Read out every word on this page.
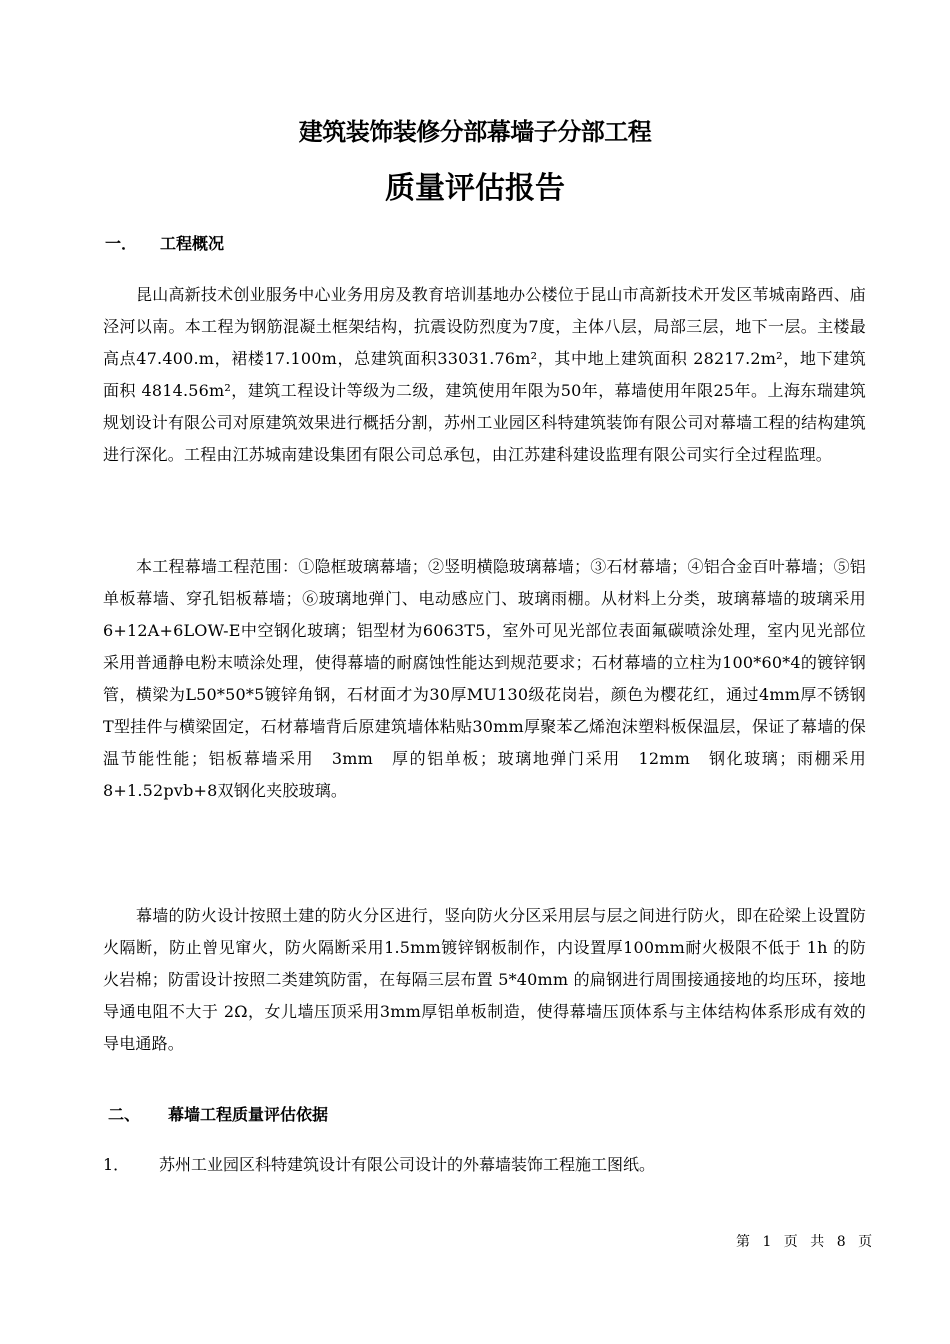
建筑装饰装修分部幕墙子分部工程
质量评估报告
一． 工程概况

昆山高新技术创业服务中心业务用房及教育培训基地办公楼位于昆山市高新技术开发区苇城南路西、庙泾河以南。本工程为钢筋混凝土框架结构，抗震设防烈度为7度，主体八层，局部三层，地下一层。主楼最高点47.400.m，裙楼17.100m，总建筑面积33031.76m²，其中地上建筑面积 28217.2m²，地下建筑面积 4814.56m²，建筑工程设计等级为二级，建筑使用年限为50年，幕墙使用年限25年。上海东瑞建筑规划设计有限公司对原建筑效果进行概括分割，苏州工业园区科特建筑装饰有限公司对幕墙工程的结构建筑进行深化。工程由江苏城南建设集团有限公司总承包，由江苏建科建设监理有限公司实行全过程监理。

本工程幕墙工程范围：①隐框玻璃幕墙；②竖明横隐玻璃幕墙；③石材幕墙；④铝合金百叶幕墙；⑤铝单板幕墙、穿孔铝板幕墙；⑥玻璃地弹门、电动感应门、玻璃雨棚。从材料上分类，玻璃幕墙的玻璃采用6+12A+6LOW-E中空钢化玻璃；铝型材为6063T5，室外可见光部位表面氟碳喷涂处理，室内见光部位采用普通静电粉末喷涂处理，使得幕墙的耐腐蚀性能达到规范要求；石材幕墙的立柱为100*60*4的镀锌钢管，横梁为L50*50*5镀锌角钢，石材面才为30厚MU130级花岗岩，颜色为樱花红，通过4mm厚不锈钢T型挂件与横梁固定，石材幕墙背后原建筑墙体粘贴30mm厚聚苯乙烯泡沫塑料板保温层，保证了幕墙的保温节能性能；铝板幕墙采用　3mm　厚的铝单板；玻璃地弹门采用　12mm　钢化玻璃；雨棚采用8+1.52pvb+8双钢化夹胶玻璃。

幕墙的防火设计按照土建的防火分区进行，竖向防火分区采用层与层之间进行防火，即在砼梁上设置防火隔断，防止曾见窜火，防火隔断采用1.5mm镀锌钢板制作，内设置厚100mm耐火极限不低于 1h 的防火岩棉；防雷设计按照二类建筑防雷，在每隔三层布置 5*40mm 的扁钢进行周围接通接地的均压环，接地导通电阻不大于 2Ω，女儿墙压顶采用3mm厚铝单板制造，使得幕墙压顶体系与主体结构体系形成有效的导电通路。

二、 幕墙工程质量评估依据
1． 苏州工业园区科特建筑设计有限公司设计的外幕墙装饰工程施工图纸。
第 1 页 共 8 页
